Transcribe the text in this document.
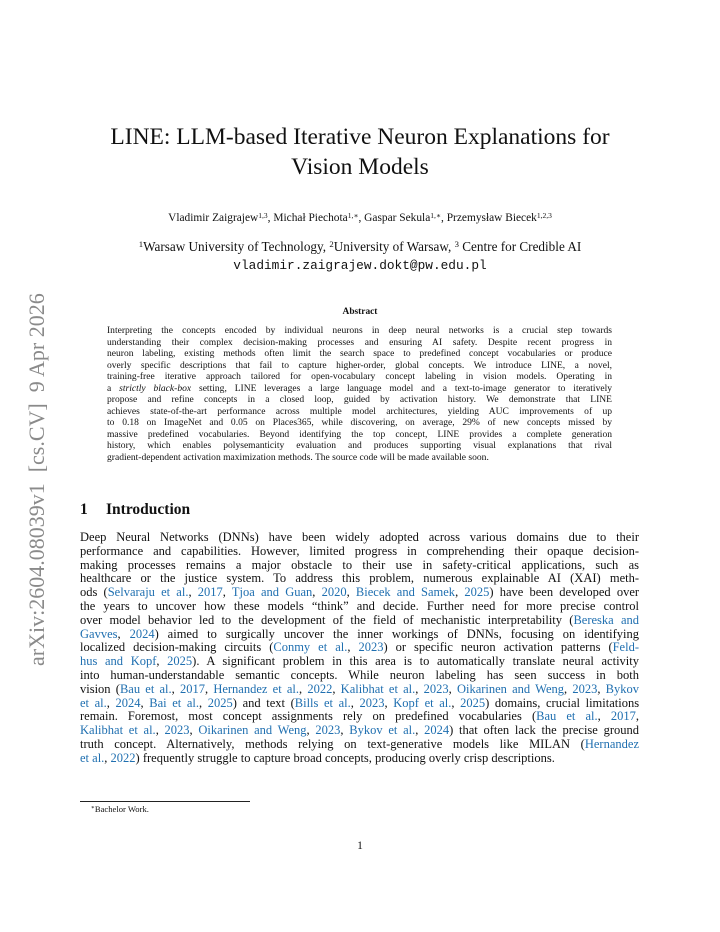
arXiv:2604.08039v1  [cs.CV]  9 Apr 2026
LINE: LLM-based Iterative Neuron Explanations for
Vision Models
Vladimir Zaigrajew$^{1,3}$, Michał Piechota$^{1,∗}$, Gaspar Sekula$^{1,∗}$, Przemysław Biecek$^{1,2,3}$
$^1$Warsaw University of Technology, $^2$University of Warsaw, $^3$ Centre for Credible AI
vladimir.zaigrajew.dokt@pw.edu.pl
Abstract
Interpreting the concepts encoded by individual neurons in deep neural networks is a crucial step towards
understanding their complex decision-making processes and ensuring AI safety. Despite recent progress in
neuron labeling, existing methods often limit the search space to predefined concept vocabularies or produce
overly specific descriptions that fail to capture higher-order, global concepts. We introduce LINE, a novel,
training-free iterative approach tailored for open-vocabulary concept labeling in vision models. Operating in
a strictly black-box setting, LINE leverages a large language model and a text-to-image generator to iteratively
propose and refine concepts in a closed loop, guided by activation history. We demonstrate that LINE
achieves state-of-the-art performance across multiple model architectures, yielding AUC improvements of up
to 0.18 on ImageNet and 0.05 on Places365, while discovering, on average, 29% of new concepts missed by
massive predefined vocabularies. Beyond identifying the top concept, LINE provides a complete generation
history, which enables polysemanticity evaluation and produces supporting visual explanations that rival
gradient-dependent activation maximization methods. The source code will be made available soon.
1 Introduction
Deep Neural Networks (DNNs) have been widely adopted across various domains due to their
performance and capabilities. However, limited progress in comprehending their opaque decision-
making processes remains a major obstacle to their use in safety-critical applications, such as
healthcare or the justice system. To address this problem, numerous explainable AI (XAI) meth-
ods (Selvaraju et al., 2017, Tjoa and Guan, 2020, Biecek and Samek, 2025) have been developed over
the years to uncover how these models “think” and decide. Further need for more precise control
over model behavior led to the development of the field of mechanistic interpretability (Bereska and
Gavves, 2024) aimed to surgically uncover the inner workings of DNNs, focusing on identifying
localized decision-making circuits (Conmy et al., 2023) or specific neuron activation patterns (Feld-
hus and Kopf, 2025). A significant problem in this area is to automatically translate neural activity
into human-understandable semantic concepts. While neuron labeling has seen success in both
vision (Bau et al., 2017, Hernandez et al., 2022, Kalibhat et al., 2023, Oikarinen and Weng, 2023, Bykov
et al., 2024, Bai et al., 2025) and text (Bills et al., 2023, Kopf et al., 2025) domains, crucial limitations
remain. Foremost, most concept assignments rely on predefined vocabularies (Bau et al., 2017,
Kalibhat et al., 2023, Oikarinen and Weng, 2023, Bykov et al., 2024) that often lack the precise ground
truth concept. Alternatively, methods relying on text-generative models like MILAN (Hernandez
et al., 2022) frequently struggle to capture broad concepts, producing overly crisp descriptions.
∗Bachelor Work.
1
